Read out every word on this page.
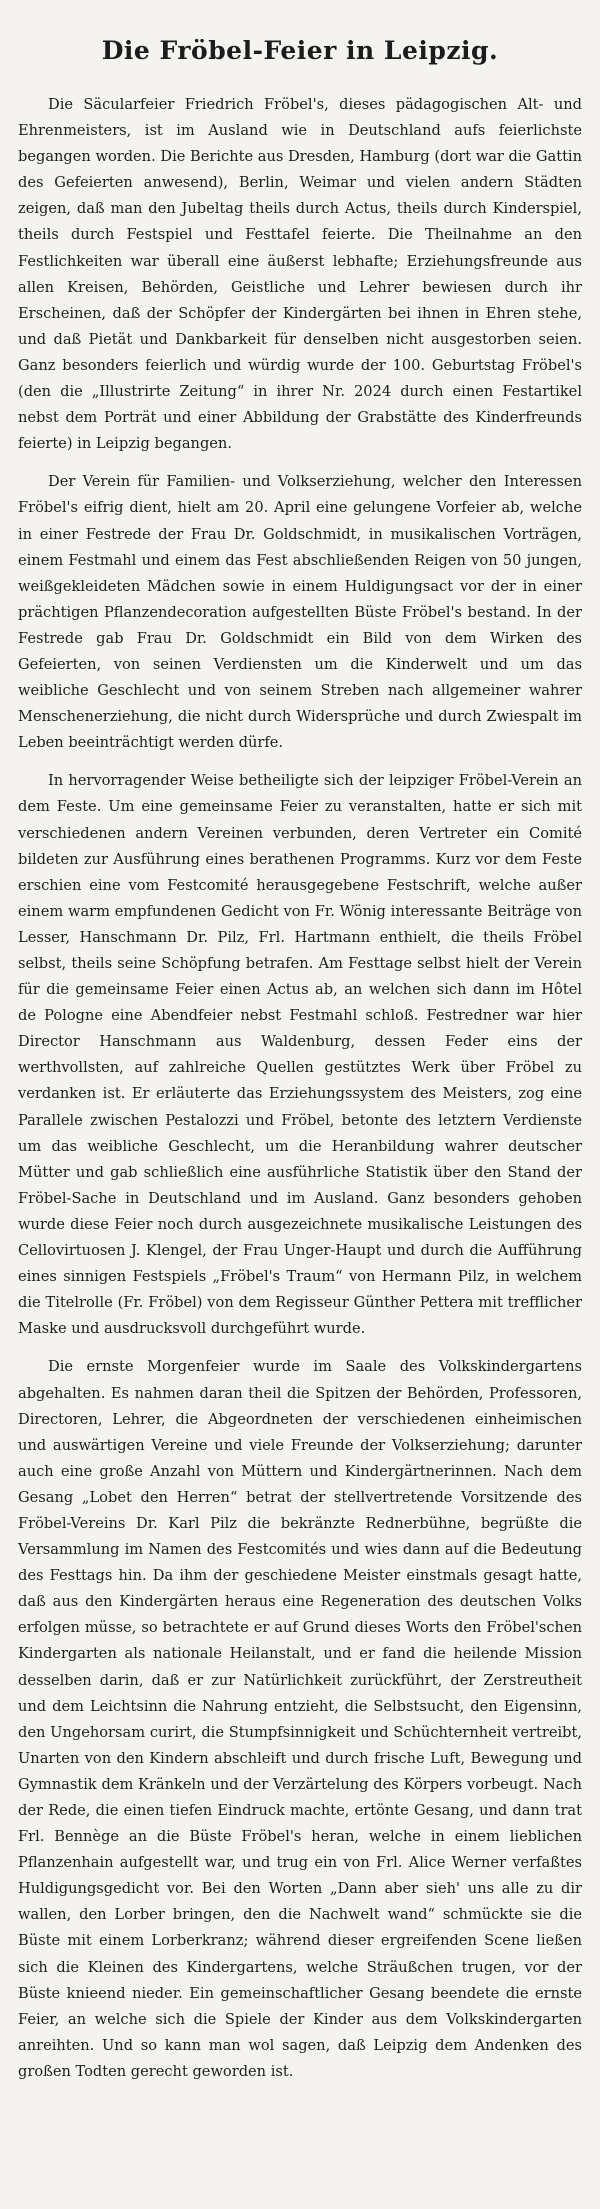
Die Fröbel-Feier in Leipzig.

Die Säcularfeier Friedrich Fröbel's, dieses pädagogischen Alt- und Ehrenmeisters, ist im Ausland wie in Deutschland aufs feierlichste begangen worden. Die Berichte aus Dresden, Hamburg (dort war die Gattin des Gefeierten anwesend), Berlin, Weimar und vielen andern Städten zeigen, daß man den Jubeltag theils durch Actus, theils durch Kinderspiel, theils durch Festspiel und Festtafel feierte. Die Theilnahme an den Festlichkeiten war überall eine äußerst lebhafte; Erziehungsfreunde aus allen Kreisen, Behörden, Geistliche und Lehrer bewiesen durch ihr Erscheinen, daß der Schöpfer der Kindergärten bei ihnen in Ehren stehe, und daß Pietät und Dankbarkeit für denselben nicht ausgestorben seien. Ganz besonders feierlich und würdig wurde der 100. Geburtstag Fröbel's (den die „Illustrirte Zeitung“ in ihrer Nr. 2024 durch einen Festartikel nebst dem Porträt und einer Abbildung der Grabstätte des Kinderfreunds feierte) in Leipzig begangen.

Der Verein für Familien- und Volkserziehung, welcher den Interessen Fröbel's eifrig dient, hielt am 20. April eine gelungene Vorfeier ab, welche in einer Festrede der Frau Dr. Goldschmidt, in musikalischen Vorträgen, einem Festmahl und einem das Fest abschließenden Reigen von 50 jungen, weißgekleideten Mädchen sowie in einem Huldigungsact vor der in einer prächtigen Pflanzendecoration aufgestellten Büste Fröbel's bestand. In der Festrede gab Frau Dr. Goldschmidt ein Bild von dem Wirken des Gefeierten, von seinen Verdiensten um die Kinderwelt und um das weibliche Geschlecht und von seinem Streben nach allgemeiner wahrer Menschenerziehung, die nicht durch Widersprüche und durch Zwiespalt im Leben beeinträchtigt werden dürfe.

In hervorragender Weise betheiligte sich der leipziger Fröbel-Verein an dem Feste. Um eine gemeinsame Feier zu veranstalten, hatte er sich mit verschiedenen andern Vereinen verbunden, deren Vertreter ein Comité bildeten zur Ausführung eines berathenen Programms. Kurz vor dem Feste erschien eine vom Festcomité herausgegebene Festschrift, welche außer einem warm empfundenen Gedicht von Fr. Wönig interessante Beiträge von Lesser, Hanschmann Dr. Pilz, Frl. Hartmann enthielt, die theils Fröbel selbst, theils seine Schöpfung betrafen. Am Festtage selbst hielt der Verein für die gemeinsame Feier einen Actus ab, an welchen sich dann im Hôtel de Pologne eine Abendfeier nebst Festmahl schloß. Festredner war hier Director Hanschmann aus Waldenburg, dessen Feder eins der werthvollsten, auf zahlreiche Quellen gestütztes Werk über Fröbel zu verdanken ist. Er erläuterte das Erziehungssystem des Meisters, zog eine Parallele zwischen Pestalozzi und Fröbel, betonte des letztern Verdienste um das weibliche Geschlecht, um die Heranbildung wahrer deutscher Mütter und gab schließlich eine ausführliche Statistik über den Stand der Fröbel-Sache in Deutschland und im Ausland. Ganz besonders gehoben wurde diese Feier noch durch ausgezeichnete musikalische Leistungen des Cellovirtuosen J. Klengel, der Frau Unger-Haupt und durch die Aufführung eines sinnigen Festspiels „Fröbel's Traum“ von Hermann Pilz, in welchem die Titelrolle (Fr. Fröbel) von dem Regisseur Günther Pettera mit trefflicher Maske und ausdrucksvoll durchgeführt wurde.

Die ernste Morgenfeier wurde im Saale des Volkskindergartens abgehalten. Es nahmen daran theil die Spitzen der Behörden, Professoren, Directoren, Lehrer, die Abgeordneten der verschiedenen einheimischen und auswärtigen Vereine und viele Freunde der Volkserziehung; darunter auch eine große Anzahl von Müttern und Kindergärtnerinnen. Nach dem Gesang „Lobet den Herren“ betrat der stellvertretende Vorsitzende des Fröbel-Vereins Dr. Karl Pilz die bekränzte Rednerbühne, begrüßte die Versammlung im Namen des Festcomités und wies dann auf die Bedeutung des Festtags hin. Da ihm der geschiedene Meister einstmals gesagt hatte, daß aus den Kindergärten heraus eine Regeneration des deutschen Volks erfolgen müsse, so betrachtete er auf Grund dieses Worts den Fröbel'schen Kindergarten als nationale Heilanstalt, und er fand die heilende Mission desselben darin, daß er zur Natürlichkeit zurückführt, der Zerstreutheit und dem Leichtsinn die Nahrung entzieht, die Selbstsucht, den Eigensinn, den Ungehorsam curirt, die Stumpfsinnigkeit und Schüchternheit vertreibt, Unarten von den Kindern abschleift und durch frische Luft, Bewegung und Gymnastik dem Kränkeln und der Verzärtelung des Körpers vorbeugt. Nach der Rede, die einen tiefen Eindruck machte, ertönte Gesang, und dann trat Frl. Bennège an die Büste Fröbel's heran, welche in einem lieblichen Pflanzenhain aufgestellt war, und trug ein von Frl. Alice Werner verfaßtes Huldigungsgedicht vor. Bei den Worten „Dann aber sieh' uns alle zu dir wallen, den Lorber bringen, den die Nachwelt wand“ schmückte sie die Büste mit einem Lorberkranz; während dieser ergreifenden Scene ließen sich die Kleinen des Kindergartens, welche Sträußchen trugen, vor der Büste knieend nieder. Ein gemeinschaftlicher Gesang beendete die ernste Feier, an welche sich die Spiele der Kinder aus dem Volkskindergarten anreihten. Und so kann man wol sagen, daß Leipzig dem Andenken des großen Todten gerecht geworden ist.
